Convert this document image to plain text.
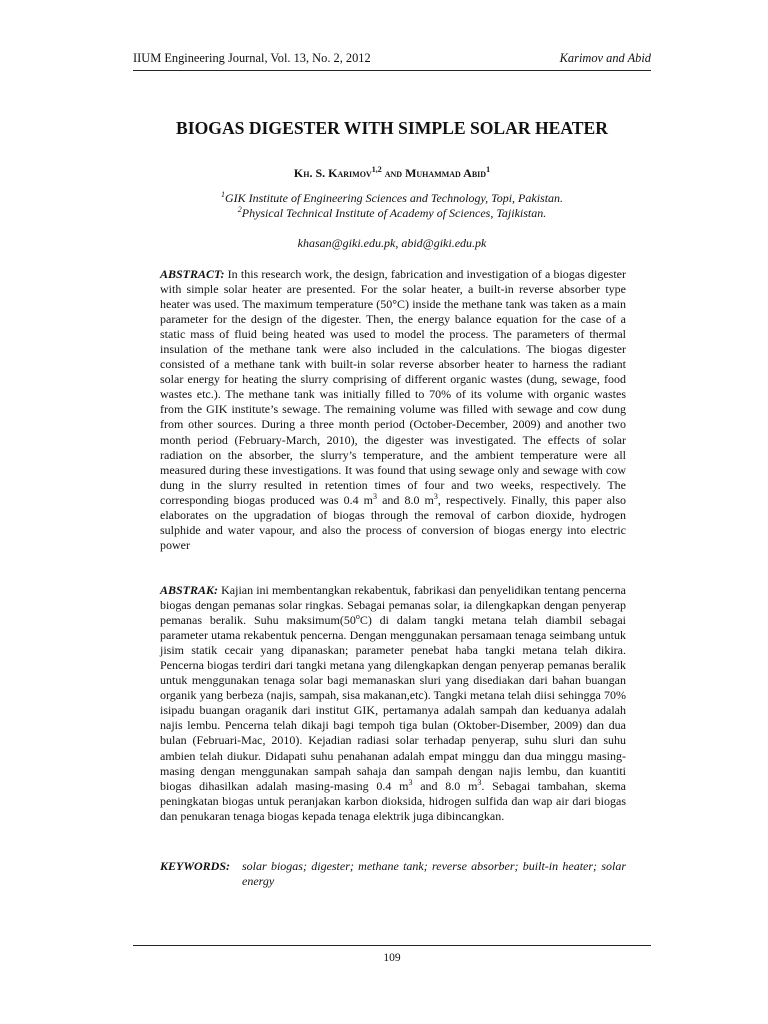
IIUM Engineering Journal, Vol. 13, No. 2, 2012	Karimov and Abid
BIOGAS DIGESTER WITH SIMPLE SOLAR HEATER
Kh. S. Karimov$^{1,2}$ and Muhammad Abid$^1$
$^1$GIK Institute of Engineering Sciences and Technology, Topi, Pakistan.
$^2$Physical Technical Institute of Academy of Sciences, Tajikistan.
khasan@giki.edu.pk, abid@giki.edu.pk
ABSTRACT: In this research work, the design, fabrication and investigation of a biogas digester with simple solar heater are presented. For the solar heater, a built-in reverse absorber type heater was used. The maximum temperature (50°C) inside the methane tank was taken as a main parameter for the design of the digester. Then, the energy balance equation for the case of a static mass of fluid being heated was used to model the process. The parameters of thermal insulation of the methane tank were also included in the calculations. The biogas digester consisted of a methane tank with built-in solar reverse absorber heater to harness the radiant solar energy for heating the slurry comprising of different organic wastes (dung, sewage, food wastes etc.). The methane tank was initially filled to 70% of its volume with organic wastes from the GIK institute’s sewage. The remaining volume was filled with sewage and cow dung from other sources. During a three month period (October-December, 2009) and another two month period (February-March, 2010), the digester was investigated. The effects of solar radiation on the absorber, the slurry’s temperature, and the ambient temperature were all measured during these investigations. It was found that using sewage only and sewage with cow dung in the slurry resulted in retention times of four and two weeks, respectively. The corresponding biogas produced was 0.4 $m^3$ and 8.0 $m^3$, respectively. Finally, this paper also elaborates on the upgradation of biogas through the removal of carbon dioxide, hydrogen sulphide and water vapour, and also the process of conversion of biogas energy into electric power
ABSTRAK: Kajian ini membentangkan rekabentuk, fabrikasi dan penyelidikan tentang pencerna biogas dengan pemanas solar ringkas. Sebagai pemanas solar, ia dilengkapkan dengan penyerap pemanas beralik. Suhu maksimum(50$^o$C) di dalam tangki metana telah diambil sebagai parameter utama rekabentuk pencerna. Dengan menggunakan persamaan tenaga seimbang untuk jisim statik cecair yang dipanaskan; parameter penebat haba tangki metana telah dikira. Pencerna biogas terdiri dari tangki metana yang dilengkapkan dengan penyerap pemanas beralik untuk menggunakan tenaga solar bagi memanaskan sluri yang disediakan dari bahan buangan organik yang berbeza (najis, sampah, sisa makanan,etc). Tangki metana telah diisi sehingga 70% isipadu buangan oraganik dari institut GIK, pertamanya adalah sampah dan keduanya adalah najis lembu. Pencerna telah dikaji bagi tempoh tiga bulan (Oktober-Disember, 2009) dan dua bulan (Februari-Mac, 2010). Kejadian radiasi solar terhadap penyerap, suhu sluri dan suhu ambien telah diukur. Didapati suhu penahanan adalah empat minggu dan dua minggu masing-masing dengan menggunakan sampah sahaja dan sampah dengan najis lembu, dan kuantiti biogas dihasilkan adalah masing-masing 0.4 $m^3$ and 8.0 $m^3$. Sebagai tambahan, skema peningkatan biogas untuk peranjakan karbon dioksida, hidrogen sulfida dan wap air dari biogas dan penukaran tenaga biogas kepada tenaga elektrik juga dibincangkan.
KEYWORDS: solar biogas; digester; methane tank; reverse absorber; built-in heater; solar energy
109
